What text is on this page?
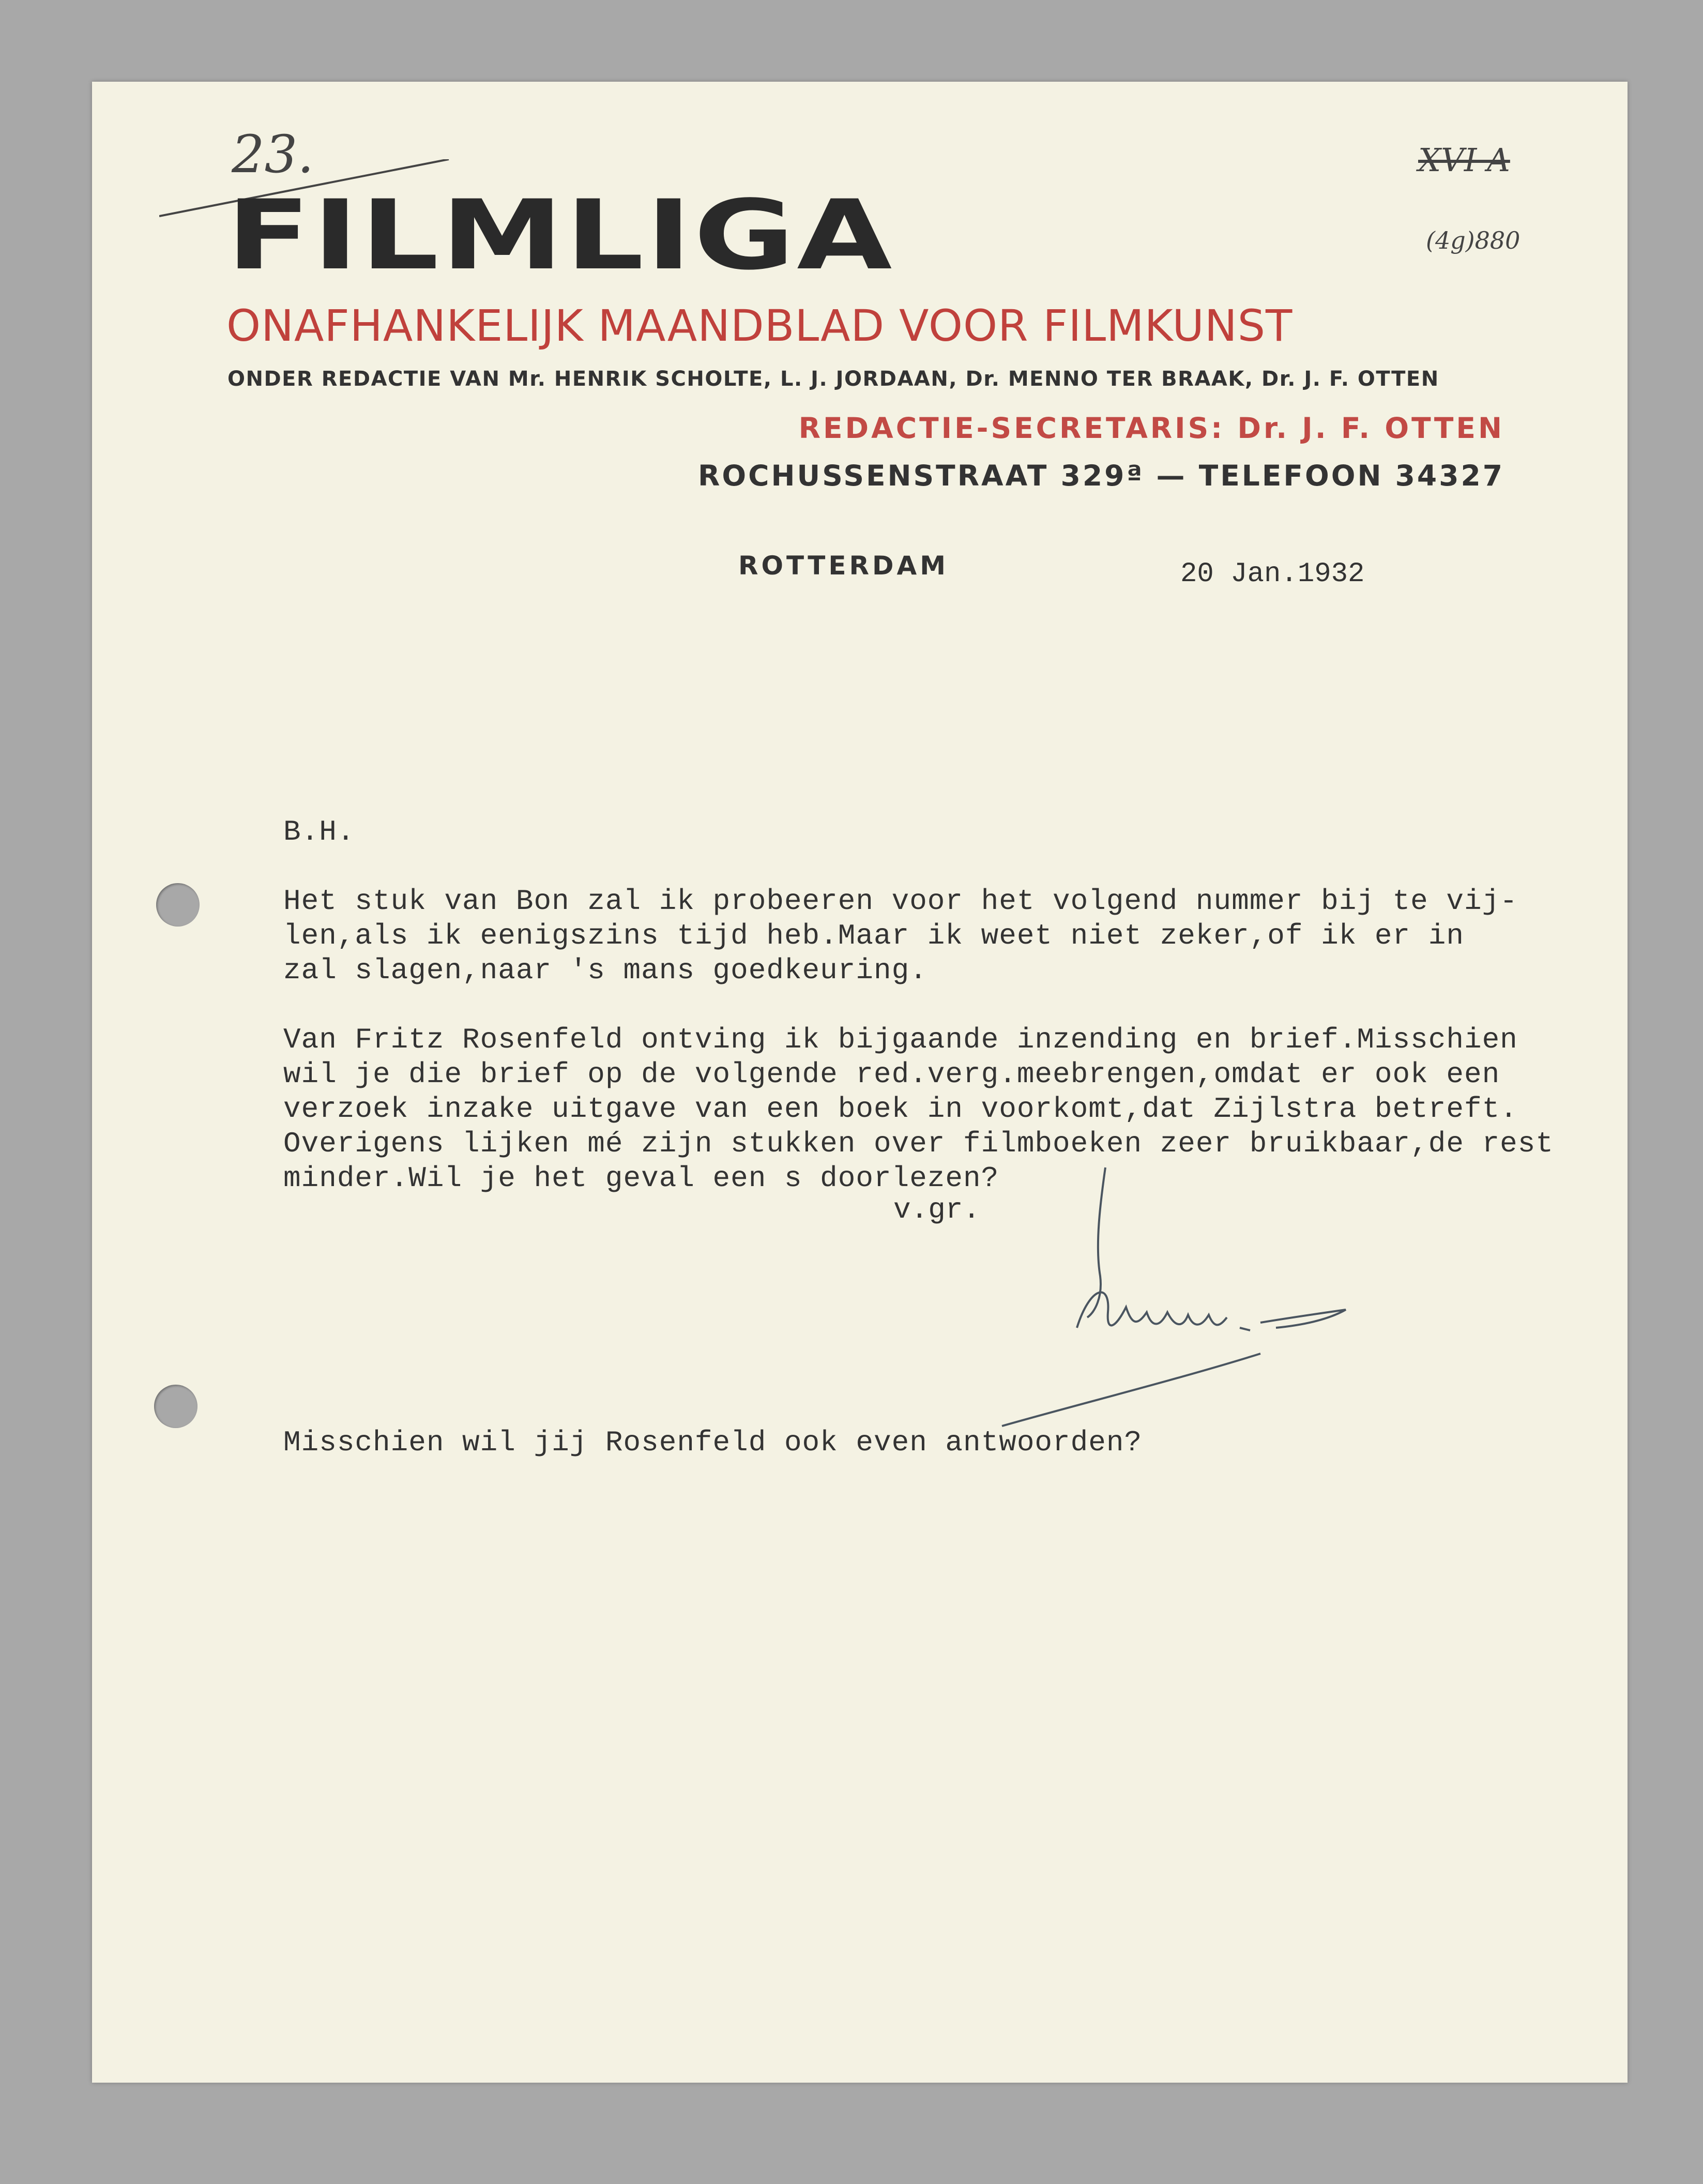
23.	XVI A
(4g)880
FILMLIGA
ONAFHANKELIJK MAANDBLAD VOOR FILMKUNST
ONDER REDACTIE VAN Mr. HENRIK SCHOLTE, L. J. JORDAAN, Dr. MENNO TER BRAAK, Dr. J. F. OTTEN
REDACTIE-SECRETARIS: Dr. J. F. OTTEN
ROCHUSSENSTRAAT 329ª — TELEFOON 34327
ROTTERDAM	20 Jan.1932

B.H.

Het stuk van Bon zal ik probeeren voor het volgend nummer bij te vij-

len,als ik eenigszins tijd heb.Maar ik weet niet zeker,of ik er in

zal slagen,naar 's mans goedkeuring.

Van Fritz Rosenfeld ontving ik bijgaande inzending en brief.Misschien

wil je die brief op de volgende red.verg.meebrengen,omdat er ook een

verzoek inzake uitgave van een boek in voorkomt,dat Zijlstra betreft.

Overigens lijken mé zijn stukken over filmboeken zeer bruikbaar,de rest

minder.Wil je het geval een s doorlezen?

v.gr.
Misschien wil jij Rosenfeld ook even antwoorden?
